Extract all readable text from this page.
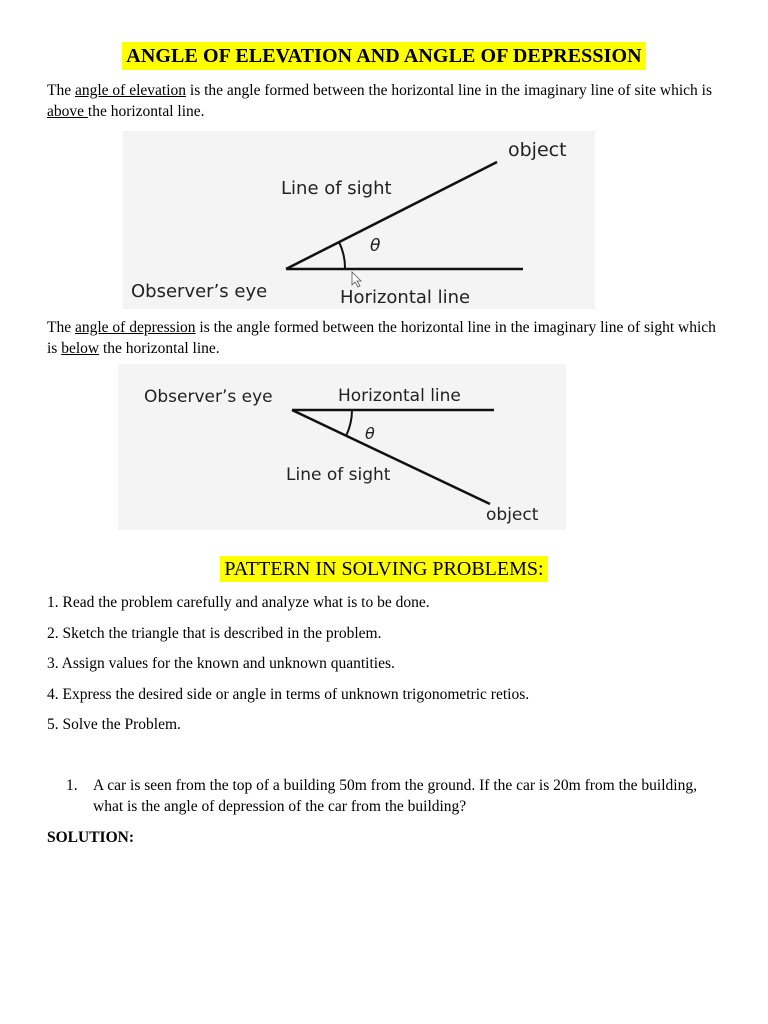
ANGLE OF ELEVATION AND ANGLE OF DEPRESSION
The angle of elevation is the angle formed between the horizontal line in the imaginary line of site which is above the horizontal line.
object
Line of sight
θ
Observer’s eye	Horizontal line
The angle of depression is the angle formed between the horizontal line in the imaginary line of sight which is below the horizontal line.
Observer’s eye	Horizontal line
θ
Line of sight
object
PATTERN IN SOLVING PROBLEMS:
1. Read the problem carefully and analyze what is to be done.
2. Sketch the triangle that is described in the problem.
3. Assign values for the known and unknown quantities.
4. Express the desired side or angle in terms of unknown trigonometric retios.
5. Solve the Problem.
1. A car is seen from the top of a building 50m from the ground. If the car is 20m from the building, what is the angle of depression of the car from the building?
SOLUTION:
